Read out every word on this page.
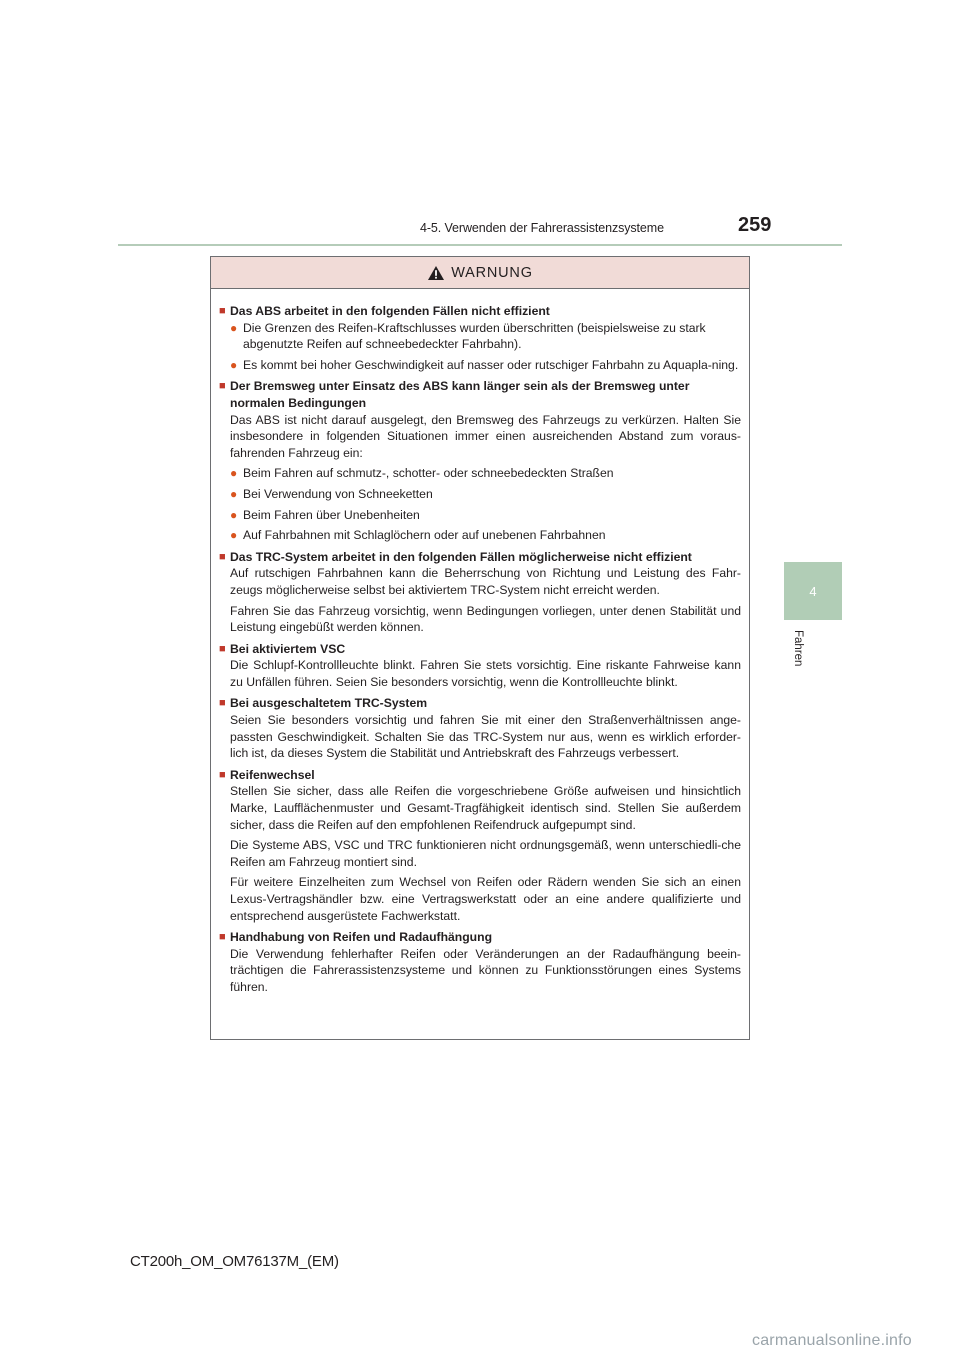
4-5. Verwenden der Fahrerassistenzsysteme	259
4
Fahren
WARNUNG
■ Das ABS arbeitet in den folgenden Fällen nicht effizient
● Die Grenzen des Reifen-Kraftschlusses wurden überschritten (beispielsweise zu stark abgenutzte Reifen auf schneebedeckter Fahrbahn).
● Es kommt bei hoher Geschwindigkeit auf nasser oder rutschiger Fahrbahn zu Aquapla-ning.
■ Der Bremsweg unter Einsatz des ABS kann länger sein als der Bremsweg unter normalen Bedingungen
Das ABS ist nicht darauf ausgelegt, den Bremsweg des Fahrzeugs zu verkürzen. Halten Sie insbesondere in folgenden Situationen immer einen ausreichenden Abstand zum voraus-fahrenden Fahrzeug ein:
● Beim Fahren auf schmutz-, schotter- oder schneebedeckten Straßen
● Bei Verwendung von Schneeketten
● Beim Fahren über Unebenheiten
● Auf Fahrbahnen mit Schlaglöchern oder auf unebenen Fahrbahnen
■ Das TRC-System arbeitet in den folgenden Fällen möglicherweise nicht effizient
Auf rutschigen Fahrbahnen kann die Beherrschung von Richtung und Leistung des Fahr-zeugs möglicherweise selbst bei aktiviertem TRC-System nicht erreicht werden.
Fahren Sie das Fahrzeug vorsichtig, wenn Bedingungen vorliegen, unter denen Stabilität und Leistung eingebüßt werden können.
■ Bei aktiviertem VSC
Die Schlupf-Kontrollleuchte blinkt. Fahren Sie stets vorsichtig. Eine riskante Fahrweise kann zu Unfällen führen. Seien Sie besonders vorsichtig, wenn die Kontrollleuchte blinkt.
■ Bei ausgeschaltetem TRC-System
Seien Sie besonders vorsichtig und fahren Sie mit einer den Straßenverhältnissen ange-passten Geschwindigkeit. Schalten Sie das TRC-System nur aus, wenn es wirklich erforder-lich ist, da dieses System die Stabilität und Antriebskraft des Fahrzeugs verbessert.
■ Reifenwechsel
Stellen Sie sicher, dass alle Reifen die vorgeschriebene Größe aufweisen und hinsichtlich Marke, Laufflächenmuster und Gesamt-Tragfähigkeit identisch sind. Stellen Sie außerdem sicher, dass die Reifen auf den empfohlenen Reifendruck aufgepumpt sind.
Die Systeme ABS, VSC und TRC funktionieren nicht ordnungsgemäß, wenn unterschiedli-che Reifen am Fahrzeug montiert sind.
Für weitere Einzelheiten zum Wechsel von Reifen oder Rädern wenden Sie sich an einen Lexus-Vertragshändler bzw. eine Vertragswerkstatt oder an eine andere qualifizierte und entsprechend ausgerüstete Fachwerkstatt.
■ Handhabung von Reifen und Radaufhängung
Die Verwendung fehlerhafter Reifen oder Veränderungen an der Radaufhängung beein-trächtigen die Fahrerassistenzsysteme und können zu Funktionsstörungen eines Systems führen.
CT200h_OM_OM76137M_(EM)
carmanualsonline.info
